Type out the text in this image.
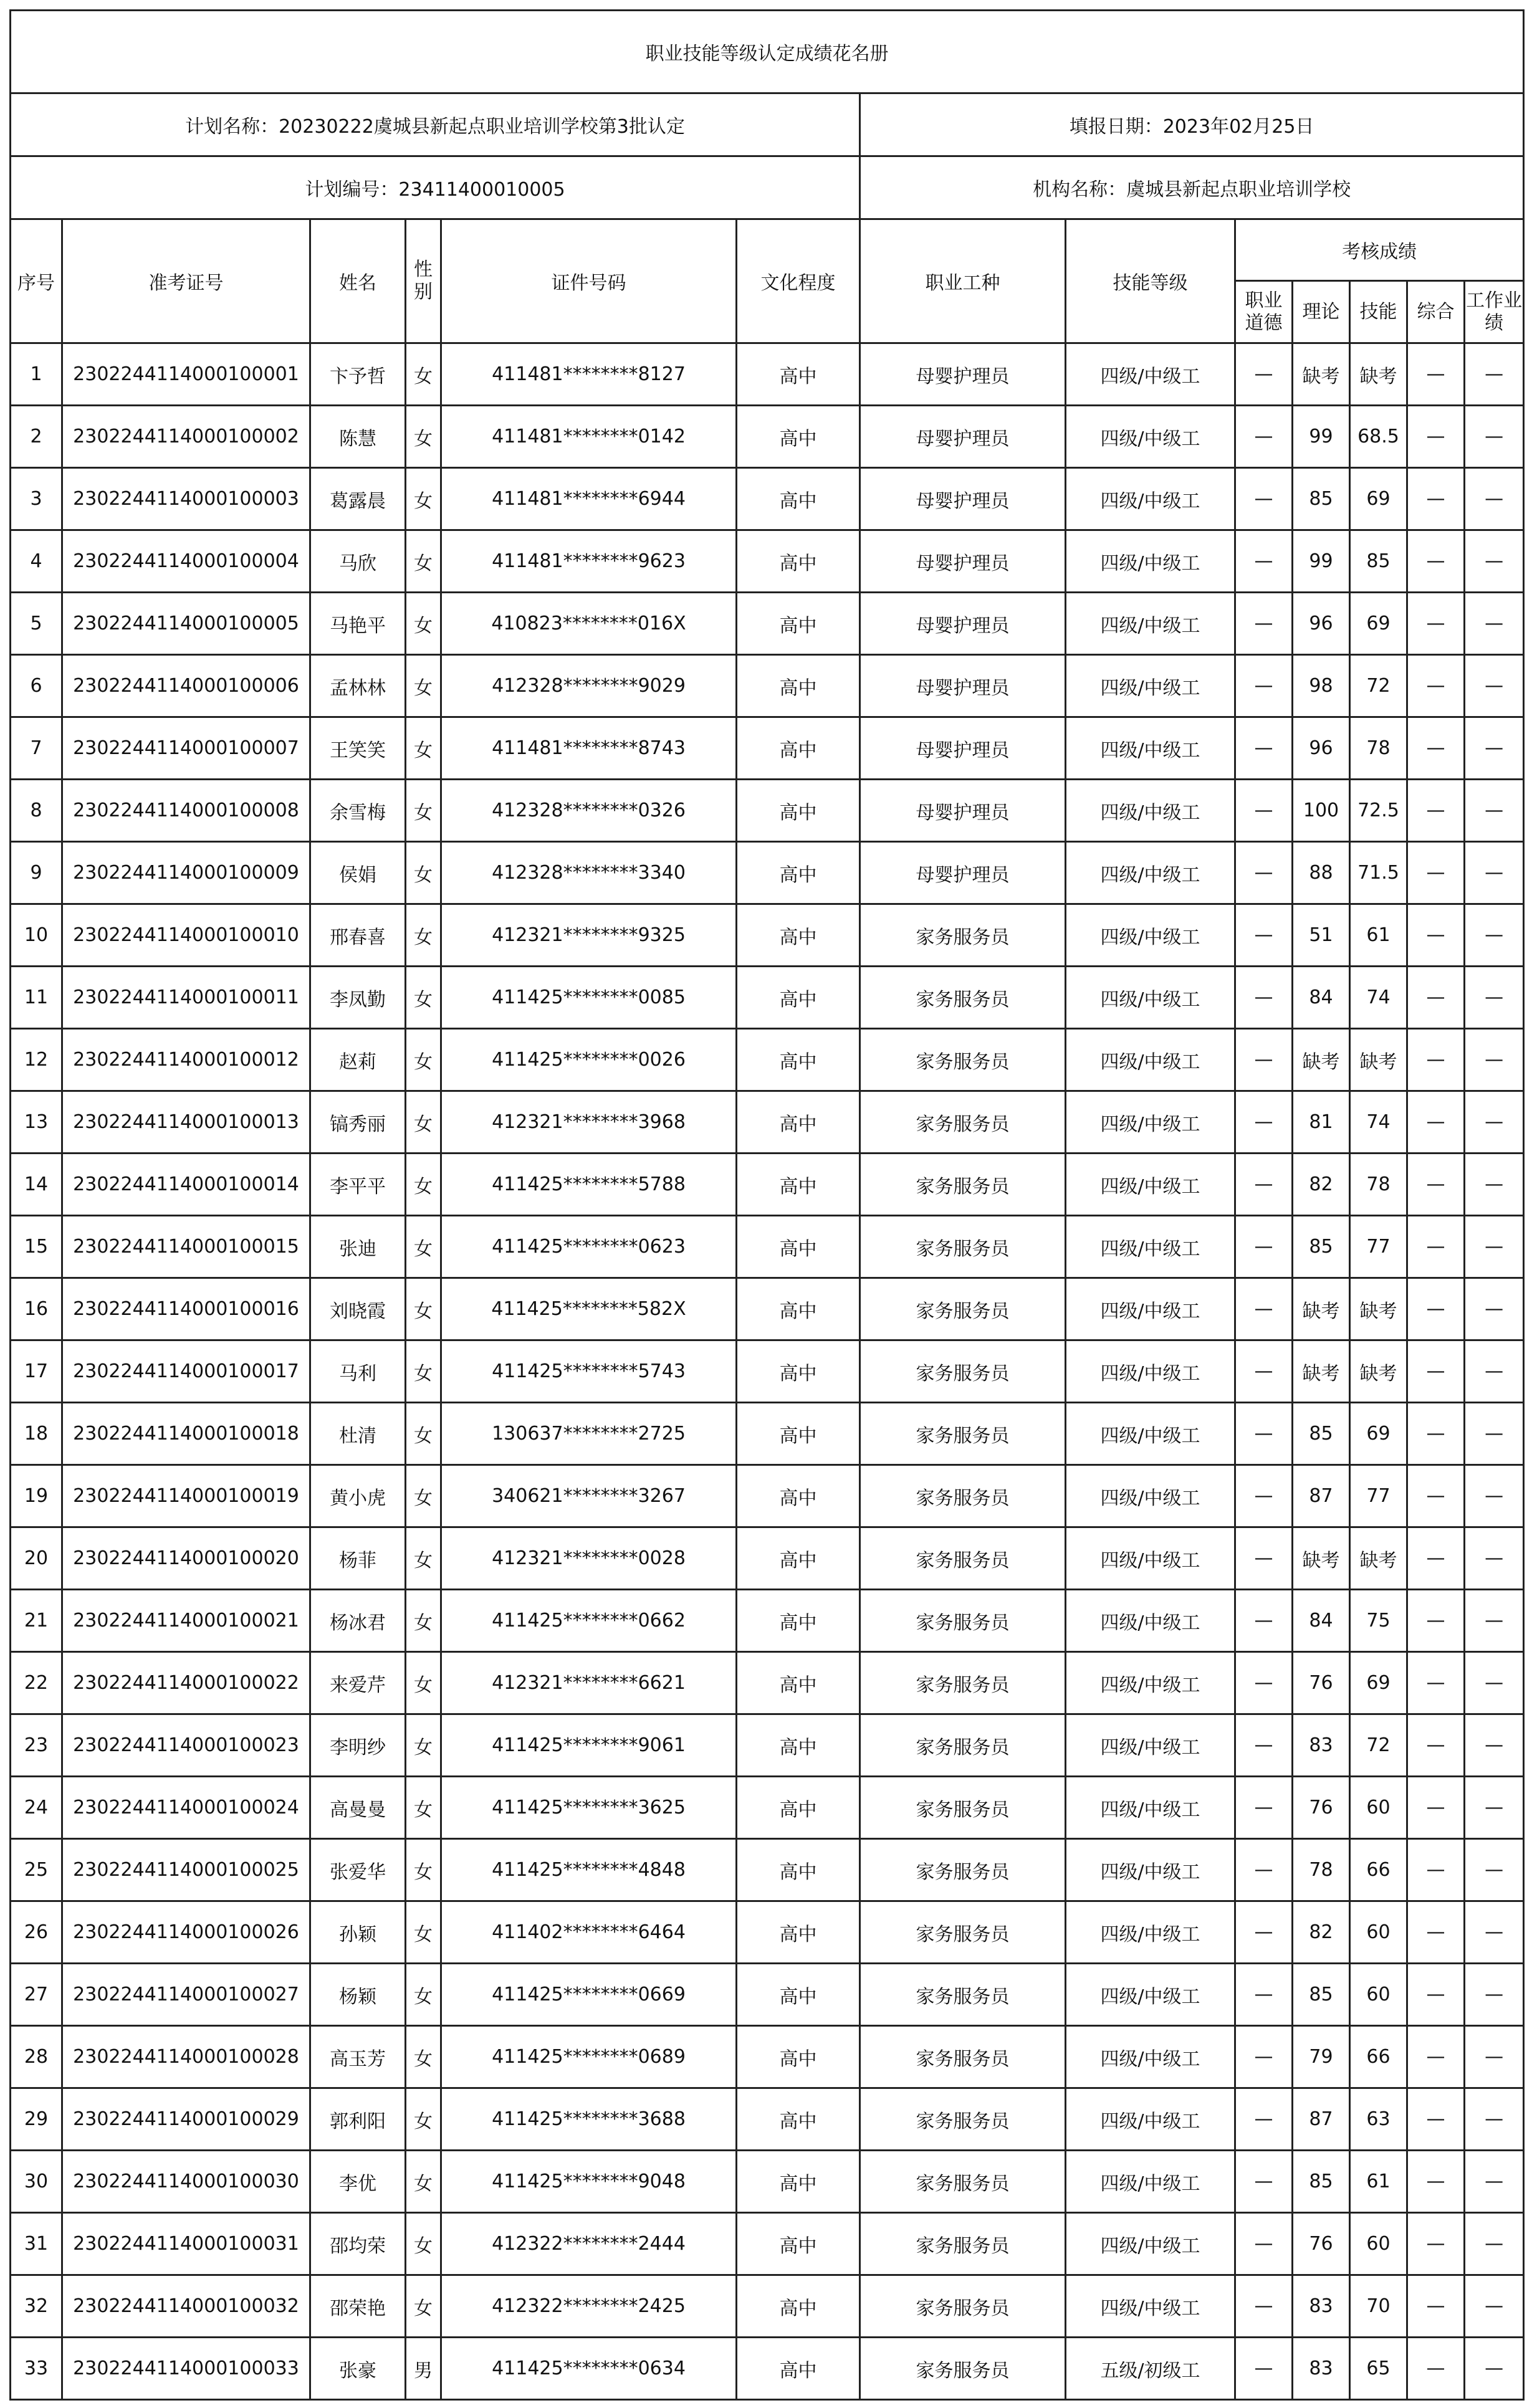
职业技能等级认定成绩花名册												
计划名称：20230222虞城县新起点职业培训学校第3批认定						填报日期：2023年02月25日						
计划编号：23411400010005						机构名称：虞城县新起点职业培训学校						
序号	准考证号	姓名	性别	证件号码	文化程度	职业工种	技能等级	考核成绩				
								职业道德	理论	技能	综合	工作业绩
1	2302244114000100001	卞予哲	女	411481********8127	高中	母婴护理员	四级/中级工	—	缺考	缺考	—	—
2	2302244114000100002	陈慧	女	411481********0142	高中	母婴护理员	四级/中级工	—	99	68.5	—	—
3	2302244114000100003	葛露晨	女	411481********6944	高中	母婴护理员	四级/中级工	—	85	69	—	—
4	2302244114000100004	马欣	女	411481********9623	高中	母婴护理员	四级/中级工	—	99	85	—	—
5	2302244114000100005	马艳平	女	410823********016X	高中	母婴护理员	四级/中级工	—	96	69	—	—
6	2302244114000100006	孟林林	女	412328********9029	高中	母婴护理员	四级/中级工	—	98	72	—	—
7	2302244114000100007	王笑笑	女	411481********8743	高中	母婴护理员	四级/中级工	—	96	78	—	—
8	2302244114000100008	余雪梅	女	412328********0326	高中	母婴护理员	四级/中级工	—	100	72.5	—	—
9	2302244114000100009	侯娟	女	412328********3340	高中	母婴护理员	四级/中级工	—	88	71.5	—	—
10	2302244114000100010	邢春喜	女	412321********9325	高中	家务服务员	四级/中级工	—	51	61	—	—
11	2302244114000100011	李凤勤	女	411425********0085	高中	家务服务员	四级/中级工	—	84	74	—	—
12	2302244114000100012	赵莉	女	411425********0026	高中	家务服务员	四级/中级工	—	缺考	缺考	—	—
13	2302244114000100013	镐秀丽	女	412321********3968	高中	家务服务员	四级/中级工	—	81	74	—	—
14	2302244114000100014	李平平	女	411425********5788	高中	家务服务员	四级/中级工	—	82	78	—	—
15	2302244114000100015	张迪	女	411425********0623	高中	家务服务员	四级/中级工	—	85	77	—	—
16	2302244114000100016	刘晓霞	女	411425********582X	高中	家务服务员	四级/中级工	—	缺考	缺考	—	—
17	2302244114000100017	马利	女	411425********5743	高中	家务服务员	四级/中级工	—	缺考	缺考	—	—
18	2302244114000100018	杜清	女	130637********2725	高中	家务服务员	四级/中级工	—	85	69	—	—
19	2302244114000100019	黄小虎	女	340621********3267	高中	家务服务员	四级/中级工	—	87	77	—	—
20	2302244114000100020	杨菲	女	412321********0028	高中	家务服务员	四级/中级工	—	缺考	缺考	—	—
21	2302244114000100021	杨冰君	女	411425********0662	高中	家务服务员	四级/中级工	—	84	75	—	—
22	2302244114000100022	来爱芹	女	412321********6621	高中	家务服务员	四级/中级工	—	76	69	—	—
23	2302244114000100023	李明纱	女	411425********9061	高中	家务服务员	四级/中级工	—	83	72	—	—
24	2302244114000100024	高曼曼	女	411425********3625	高中	家务服务员	四级/中级工	—	76	60	—	—
25	2302244114000100025	张爱华	女	411425********4848	高中	家务服务员	四级/中级工	—	78	66	—	—
26	2302244114000100026	孙颖	女	411402********6464	高中	家务服务员	四级/中级工	—	82	60	—	—
27	2302244114000100027	杨颖	女	411425********0669	高中	家务服务员	四级/中级工	—	85	60	—	—
28	2302244114000100028	高玉芳	女	411425********0689	高中	家务服务员	四级/中级工	—	79	66	—	—
29	2302244114000100029	郭利阳	女	411425********3688	高中	家务服务员	四级/中级工	—	87	63	—	—
30	2302244114000100030	李优	女	411425********9048	高中	家务服务员	四级/中级工	—	85	61	—	—
31	2302244114000100031	邵均荣	女	412322********2444	高中	家务服务员	四级/中级工	—	76	60	—	—
32	2302244114000100032	邵荣艳	女	412322********2425	高中	家务服务员	四级/中级工	—	83	70	—	—
33	2302244114000100033	张豪	男	411425********0634	高中	家务服务员	五级/初级工	—	83	65	—	—
